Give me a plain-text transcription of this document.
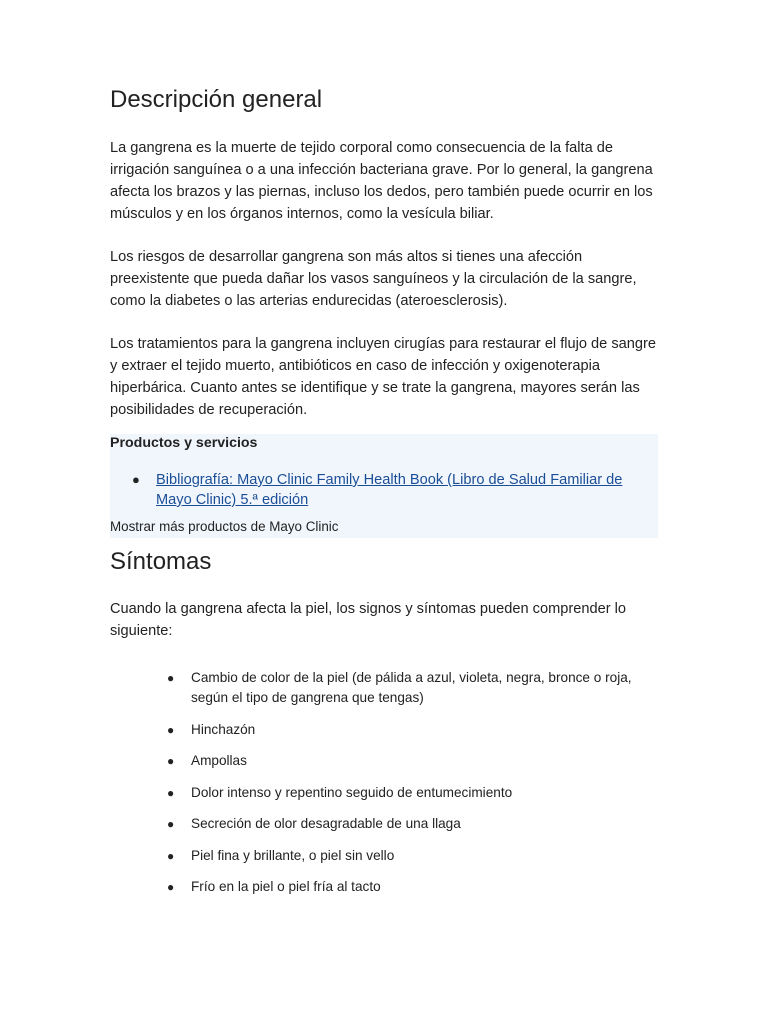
Descripción general

La gangrena es la muerte de tejido corporal como consecuencia de la falta de irrigación sanguínea o a una infección bacteriana grave. Por lo general, la gangrena afecta los brazos y las piernas, incluso los dedos, pero también puede ocurrir en los músculos y en los órganos internos, como la vesícula biliar.

Los riesgos de desarrollar gangrena son más altos si tienes una afección preexistente que pueda dañar los vasos sanguíneos y la circulación de la sangre, como la diabetes o las arterias endurecidas (ateroesclerosis).

Los tratamientos para la gangrena incluyen cirugías para restaurar el flujo de sangre y extraer el tejido muerto, antibióticos en caso de infección y oxigenoterapia hiperbárica. Cuanto antes se identifique y se trate la gangrena, mayores serán las posibilidades de recuperación.

Productos y servicios
● Bibliografía: Mayo Clinic Family Health Book (Libro de Salud Familiar de Mayo Clinic) 5.ª edición
Mostrar más productos de Mayo Clinic
Síntomas

Cuando la gangrena afecta la piel, los signos y síntomas pueden comprender lo siguiente:

● Cambio de color de la piel (de pálida a azul, violeta, negra, bronce o roja, según el tipo de gangrena que tengas)
● Hinchazón
● Ampollas
● Dolor intenso y repentino seguido de entumecimiento
● Secreción de olor desagradable de una llaga
● Piel fina y brillante, o piel sin vello
● Frío en la piel o piel fría al tacto
